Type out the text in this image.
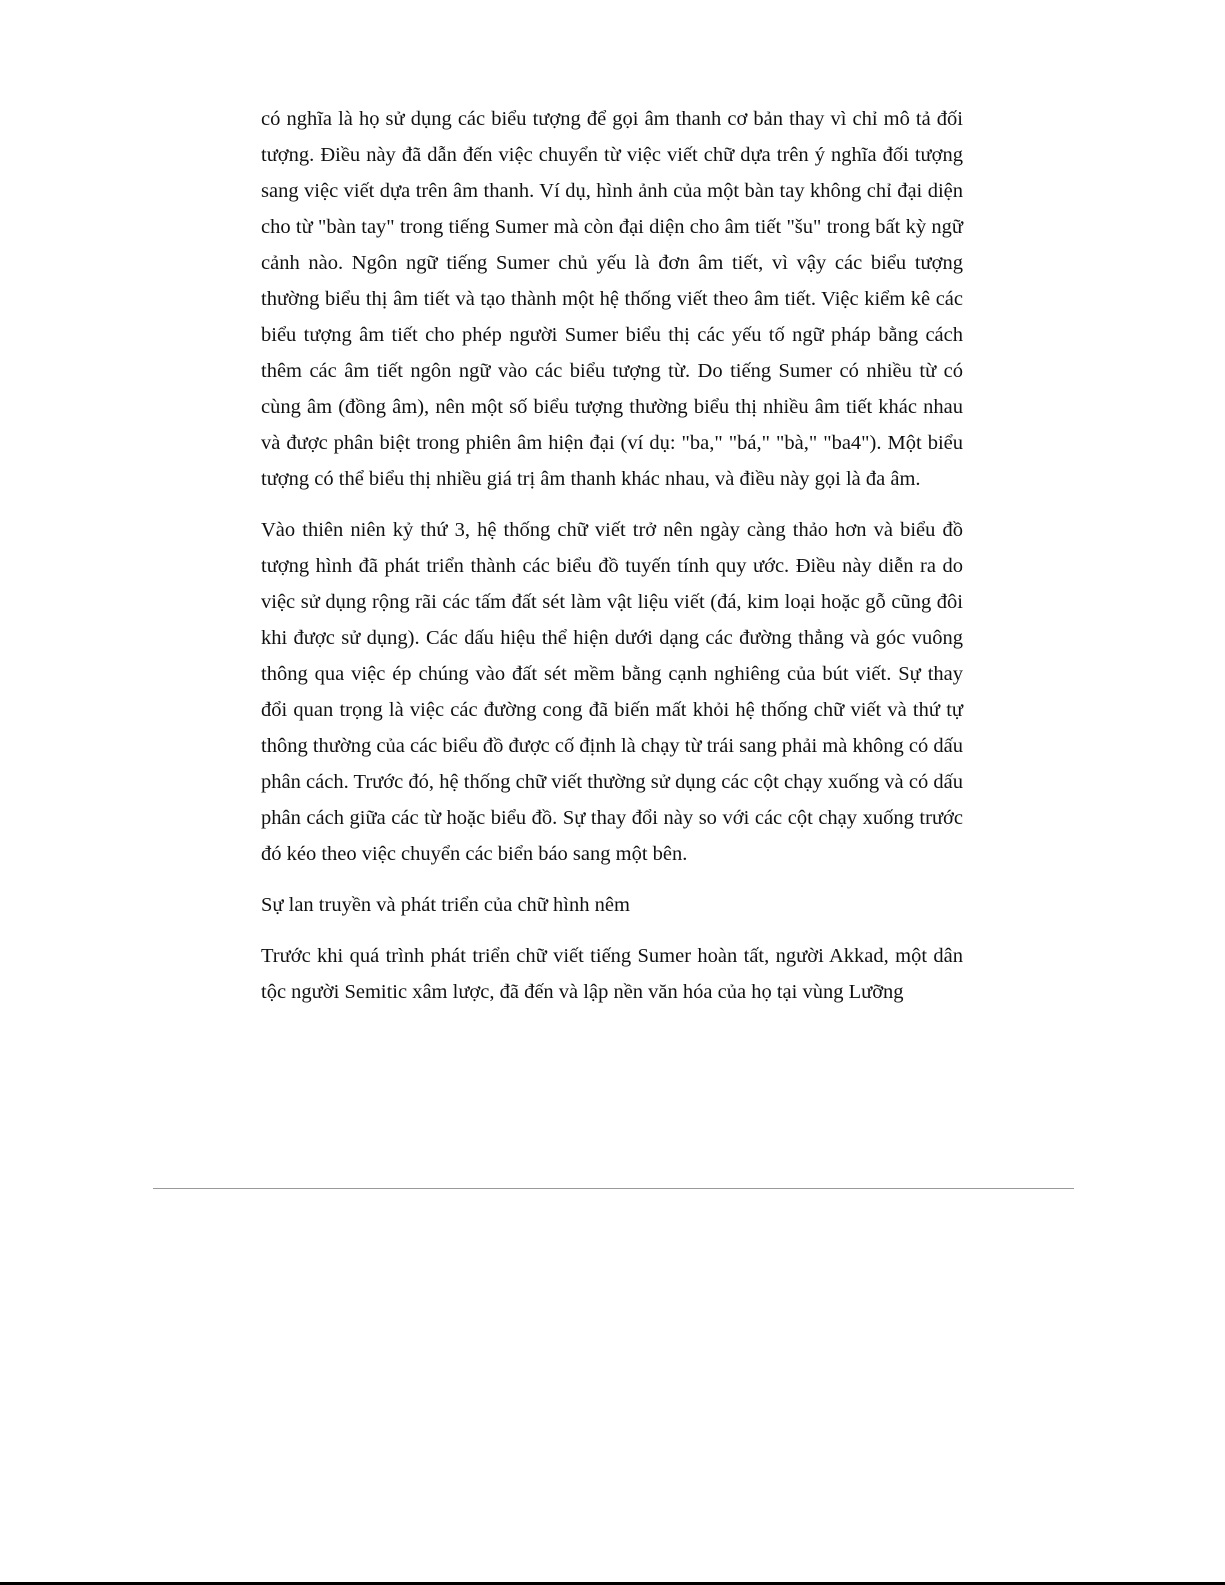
có nghĩa là họ sử dụng các biểu tượng để gọi âm thanh cơ bản thay vì chỉ mô tả đối tượng. Điều này đã dẫn đến việc chuyển từ việc viết chữ dựa trên ý nghĩa đối tượng sang việc viết dựa trên âm thanh. Ví dụ, hình ảnh của một bàn tay không chỉ đại diện cho từ "bàn tay" trong tiếng Sumer mà còn đại diện cho âm tiết "šu" trong bất kỳ ngữ cảnh nào. Ngôn ngữ tiếng Sumer chủ yếu là đơn âm tiết, vì vậy các biểu tượng thường biểu thị âm tiết và tạo thành một hệ thống viết theo âm tiết. Việc kiểm kê các biểu tượng âm tiết cho phép người Sumer biểu thị các yếu tố ngữ pháp bằng cách thêm các âm tiết ngôn ngữ vào các biểu tượng từ. Do tiếng Sumer có nhiều từ có cùng âm (đồng âm), nên một số biểu tượng thường biểu thị nhiều âm tiết khác nhau và được phân biệt trong phiên âm hiện đại (ví dụ: "ba," "bá," "bà," "ba4"). Một biểu tượng có thể biểu thị nhiều giá trị âm thanh khác nhau, và điều này gọi là đa âm.

Vào thiên niên kỷ thứ 3, hệ thống chữ viết trở nên ngày càng thảo hơn và biểu đồ tượng hình đã phát triển thành các biểu đồ tuyến tính quy ước. Điều này diễn ra do việc sử dụng rộng rãi các tấm đất sét làm vật liệu viết (đá, kim loại hoặc gỗ cũng đôi khi được sử dụng). Các dấu hiệu thể hiện dưới dạng các đường thẳng và góc vuông thông qua việc ép chúng vào đất sét mềm bằng cạnh nghiêng của bút viết. Sự thay đổi quan trọng là việc các đường cong đã biến mất khỏi hệ thống chữ viết và thứ tự thông thường của các biểu đồ được cố định là chạy từ trái sang phải mà không có dấu phân cách. Trước đó, hệ thống chữ viết thường sử dụng các cột chạy xuống và có dấu phân cách giữa các từ hoặc biểu đồ. Sự thay đổi này so với các cột chạy xuống trước đó kéo theo việc chuyển các biển báo sang một bên.

Sự lan truyền và phát triển của chữ hình nêm

Trước khi quá trình phát triển chữ viết tiếng Sumer hoàn tất, người Akkad, một dân tộc người Semitic xâm lược, đã đến và lập nền văn hóa của họ tại vùng Lưỡng
